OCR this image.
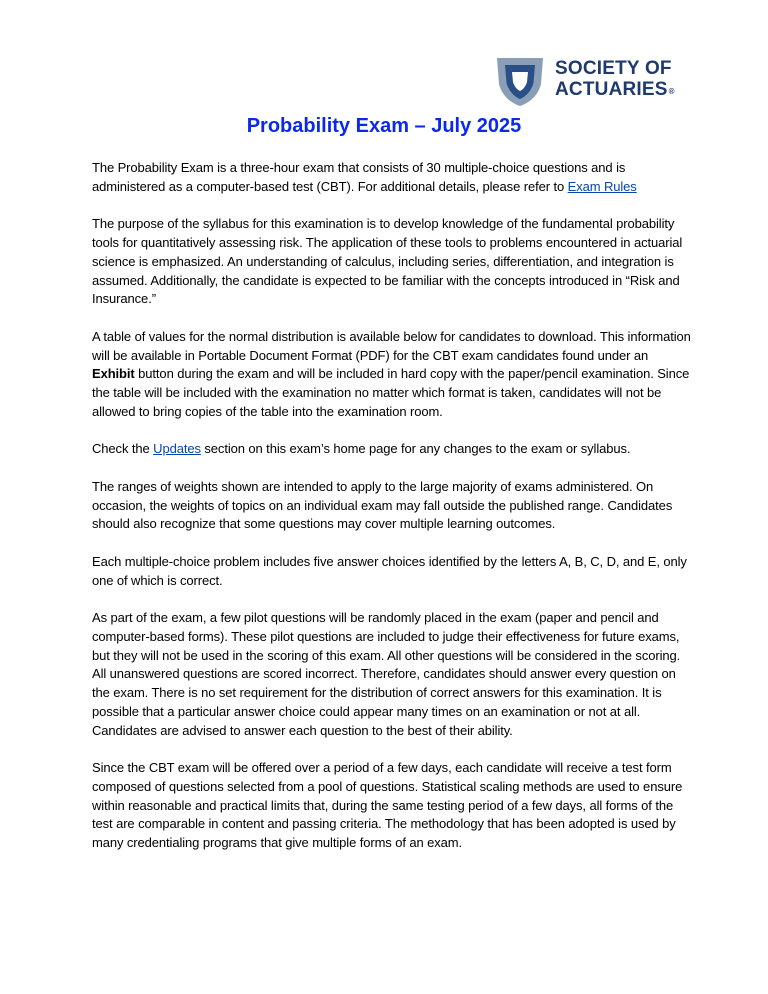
SOCIETY OF
ACTUARIES®
Probability Exam – July 2025

The Probability Exam is a three-hour exam that consists of 30 multiple-choice questions and is administered as a computer-based test (CBT). For additional details, please refer to Exam Rules

The purpose of the syllabus for this examination is to develop knowledge of the fundamental probability tools for quantitatively assessing risk. The application of these tools to problems encountered in actuarial science is emphasized. An understanding of calculus, including series, differentiation, and integration is assumed. Additionally, the candidate is expected to be familiar with the concepts introduced in “Risk and Insurance.”

A table of values for the normal distribution is available below for candidates to download. This information will be available in Portable Document Format (PDF) for the CBT exam candidates found under an Exhibit button during the exam and will be included in hard copy with the paper/pencil examination. Since the table will be included with the examination no matter which format is taken, candidates will not be allowed to bring copies of the table into the examination room.

Check the Updates section on this exam’s home page for any changes to the exam or syllabus.

The ranges of weights shown are intended to apply to the large majority of exams administered. On occasion, the weights of topics on an individual exam may fall outside the published range. Candidates should also recognize that some questions may cover multiple learning outcomes.

Each multiple-choice problem includes five answer choices identified by the letters A, B, C, D, and E, only one of which is correct.

As part of the exam, a few pilot questions will be randomly placed in the exam (paper and pencil and computer-based forms). These pilot questions are included to judge their effectiveness for future exams, but they will not be used in the scoring of this exam. All other questions will be considered in the scoring. All unanswered questions are scored incorrect. Therefore, candidates should answer every question on the exam. There is no set requirement for the distribution of correct answers for this examination. It is possible that a particular answer choice could appear many times on an examination or not at all. Candidates are advised to answer each question to the best of their ability.

Since the CBT exam will be offered over a period of a few days, each candidate will receive a test form composed of questions selected from a pool of questions. Statistical scaling methods are used to ensure within reasonable and practical limits that, during the same testing period of a few days, all forms of the test are comparable in content and passing criteria. The methodology that has been adopted is used by many credentialing programs that give multiple forms of an exam.
